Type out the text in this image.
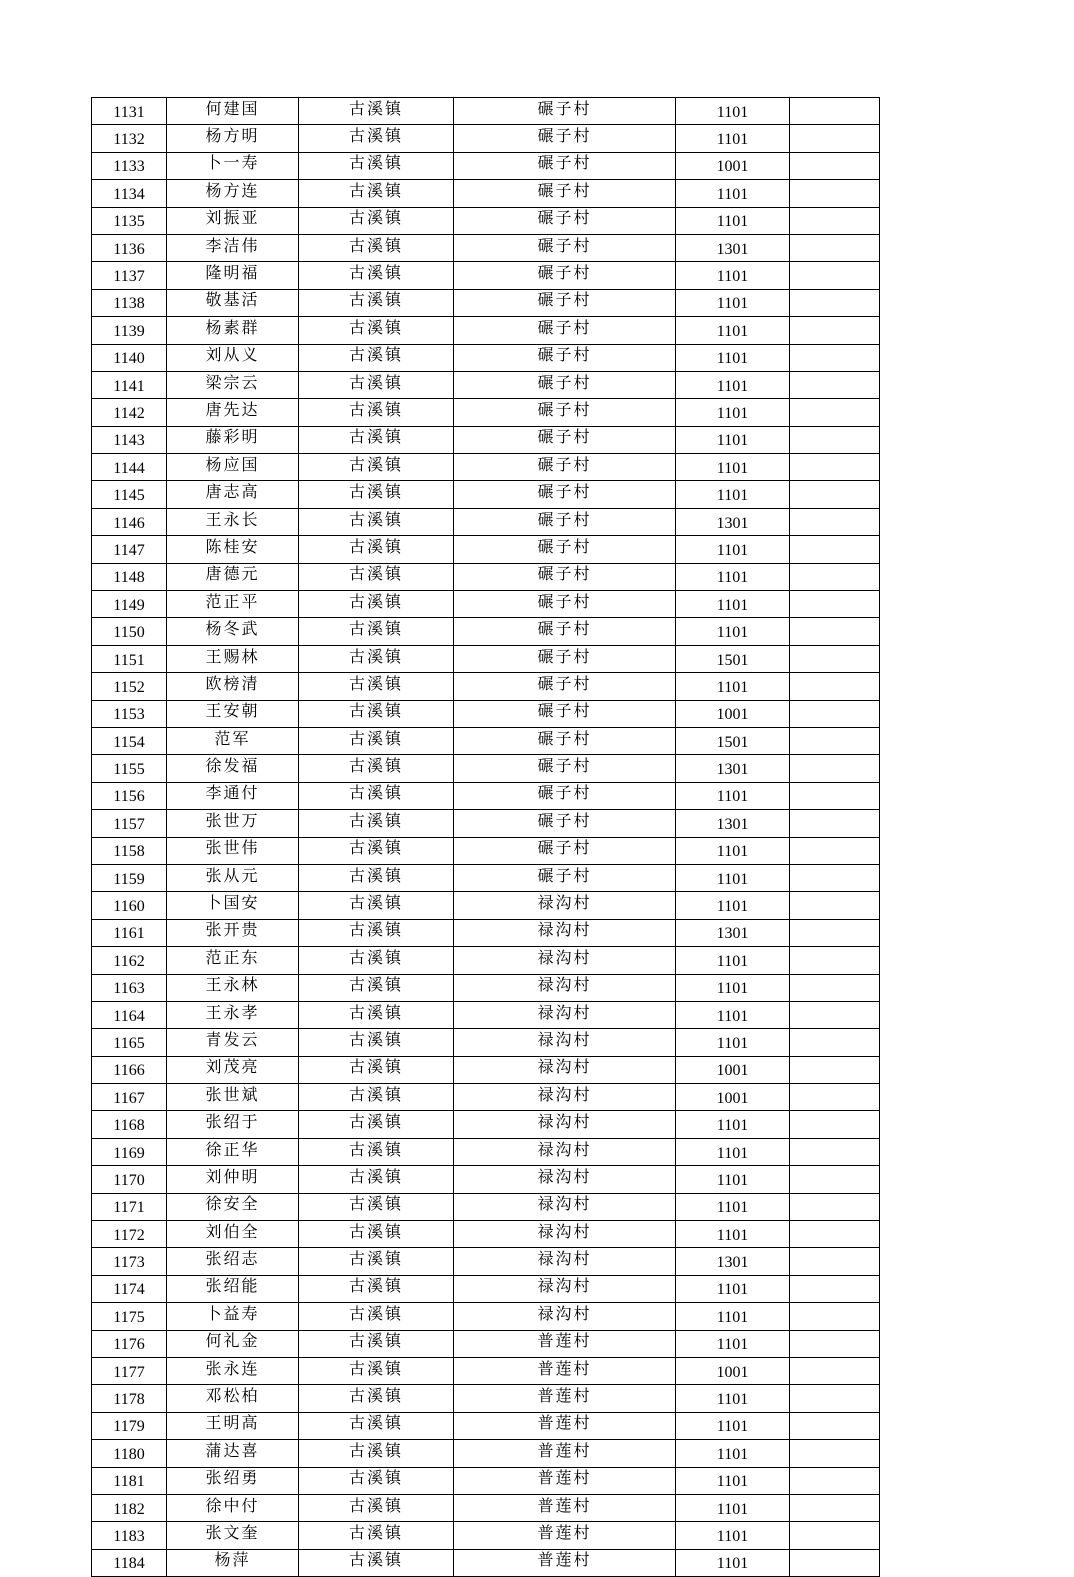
1131	何建国	古溪镇	碾子村	1101	
1132	杨方明	古溪镇	碾子村	1101	
1133	卜一寿	古溪镇	碾子村	1001	
1134	杨方连	古溪镇	碾子村	1101	
1135	刘振亚	古溪镇	碾子村	1101	
1136	李洁伟	古溪镇	碾子村	1301	
1137	隆明福	古溪镇	碾子村	1101	
1138	敬基活	古溪镇	碾子村	1101	
1139	杨素群	古溪镇	碾子村	1101	
1140	刘从义	古溪镇	碾子村	1101	
1141	梁宗云	古溪镇	碾子村	1101	
1142	唐先达	古溪镇	碾子村	1101	
1143	藤彩明	古溪镇	碾子村	1101	
1144	杨应国	古溪镇	碾子村	1101	
1145	唐志高	古溪镇	碾子村	1101	
1146	王永长	古溪镇	碾子村	1301	
1147	陈桂安	古溪镇	碾子村	1101	
1148	唐德元	古溪镇	碾子村	1101	
1149	范正平	古溪镇	碾子村	1101	
1150	杨冬武	古溪镇	碾子村	1101	
1151	王赐林	古溪镇	碾子村	1501	
1152	欧榜清	古溪镇	碾子村	1101	
1153	王安朝	古溪镇	碾子村	1001	
1154	范军	古溪镇	碾子村	1501	
1155	徐发福	古溪镇	碾子村	1301	
1156	李通付	古溪镇	碾子村	1101	
1157	张世万	古溪镇	碾子村	1301	
1158	张世伟	古溪镇	碾子村	1101	
1159	张从元	古溪镇	碾子村	1101	
1160	卜国安	古溪镇	禄沟村	1101	
1161	张开贵	古溪镇	禄沟村	1301	
1162	范正东	古溪镇	禄沟村	1101	
1163	王永林	古溪镇	禄沟村	1101	
1164	王永孝	古溪镇	禄沟村	1101	
1165	青发云	古溪镇	禄沟村	1101	
1166	刘茂亮	古溪镇	禄沟村	1001	
1167	张世斌	古溪镇	禄沟村	1001	
1168	张绍于	古溪镇	禄沟村	1101	
1169	徐正华	古溪镇	禄沟村	1101	
1170	刘仲明	古溪镇	禄沟村	1101	
1171	徐安全	古溪镇	禄沟村	1101	
1172	刘伯全	古溪镇	禄沟村	1101	
1173	张绍志	古溪镇	禄沟村	1301	
1174	张绍能	古溪镇	禄沟村	1101	
1175	卜益寿	古溪镇	禄沟村	1101	
1176	何礼金	古溪镇	普莲村	1101	
1177	张永连	古溪镇	普莲村	1001	
1178	邓松柏	古溪镇	普莲村	1101	
1179	王明高	古溪镇	普莲村	1101	
1180	蒲达喜	古溪镇	普莲村	1101	
1181	张绍勇	古溪镇	普莲村	1101	
1182	徐中付	古溪镇	普莲村	1101	
1183	张文奎	古溪镇	普莲村	1101	
1184	杨萍	古溪镇	普莲村	1101	
